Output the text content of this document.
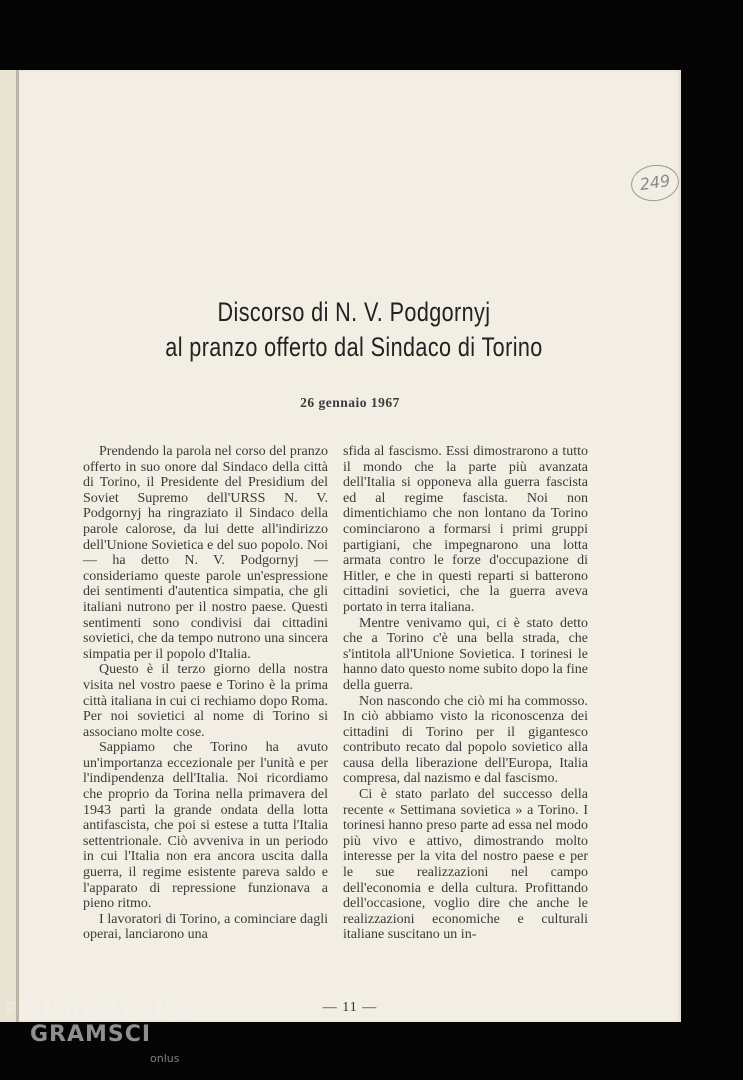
249
Discorso di N. V. Podgornyj
al pranzo offerto dal Sindaco di Torino
26 gennaio 1967

Prendendo la parola nel corso del pranzo offerto in suo onore dal Sindaco della città di Torino, il Presidente del Presidium del Soviet Supremo dell'URSS N. V. Podgornyj ha ringraziato il Sindaco della parole calorose, da lui dette all'indirizzo dell'Unione Sovietica e del suo popolo. Noi — ha detto N. V. Podgornyj — consideriamo queste parole un'espressione dei sentimenti d'autentica simpatia, che gli italiani nutrono per il nostro paese. Questi sentimenti sono condivisi dai cittadini sovietici, che da tempo nutrono una sincera simpatia per il popolo d'Italia.

Questo è il terzo giorno della nostra visita nel vostro paese e Torino è la prima città italiana in cui ci rechiamo dopo Roma. Per noi sovietici al nome di Torino si associano molte cose.

Sappiamo che Torino ha avuto un'importanza eccezionale per l'unità e per l'indipendenza dell'Italia. Noi ricordiamo che proprio da Torina nella primavera del 1943 partì la grande ondata della lotta antifascista, che poi si estese a tutta l'Italia settentrionale. Ciò avveniva in un periodo in cui l'Italia non era ancora uscita dalla guerra, il regime esistente pareva saldo e l'apparato di repressione funzionava a pieno ritmo.

I lavoratori di Torino, a cominciare dagli operai, lanciarono una

sfida al fascismo. Essi dimostrarono a tutto il mondo che la parte più avanzata dell'Italia si opponeva alla guerra fascista ed al regime fascista. Noi non dimentichiamo che non lontano da Torino cominciarono a formarsi i primi gruppi partigiani, che impegnarono una lotta armata contro le forze d'occupazione di Hitler, e che in questi reparti si batterono cittadini sovietici, che la guerra aveva portato in terra italiana.

Mentre venivamo qui, ci è stato detto che a Torino c'è una bella strada, che s'intitola all'Unione Sovietica. I torinesi le hanno dato questo nome subito dopo la fine della guerra.

Non nascondo che ciò mi ha commosso. In ciò abbiamo visto la riconoscenza dei cittadini di Torino per il gigantesco contributo recato dal popolo sovietico alla causa della liberazione dell'Europa, Italia compresa, dal nazismo e dal fascismo.

Ci è stato parlato del successo della recente « Settimana sovietica » a Torino. I torinesi hanno preso parte ad essa nel modo più vivo e attivo, dimostrando molto interesse per la vita del nostro paese e per le sue realizzazioni nel campo dell'economia e della cultura. Profittando dell'occasione, voglio dire che anche le realizzazioni economiche e culturali italiane suscitano un in-

— 11 —
FONDAZIONE
GRAMSCI
onlus
